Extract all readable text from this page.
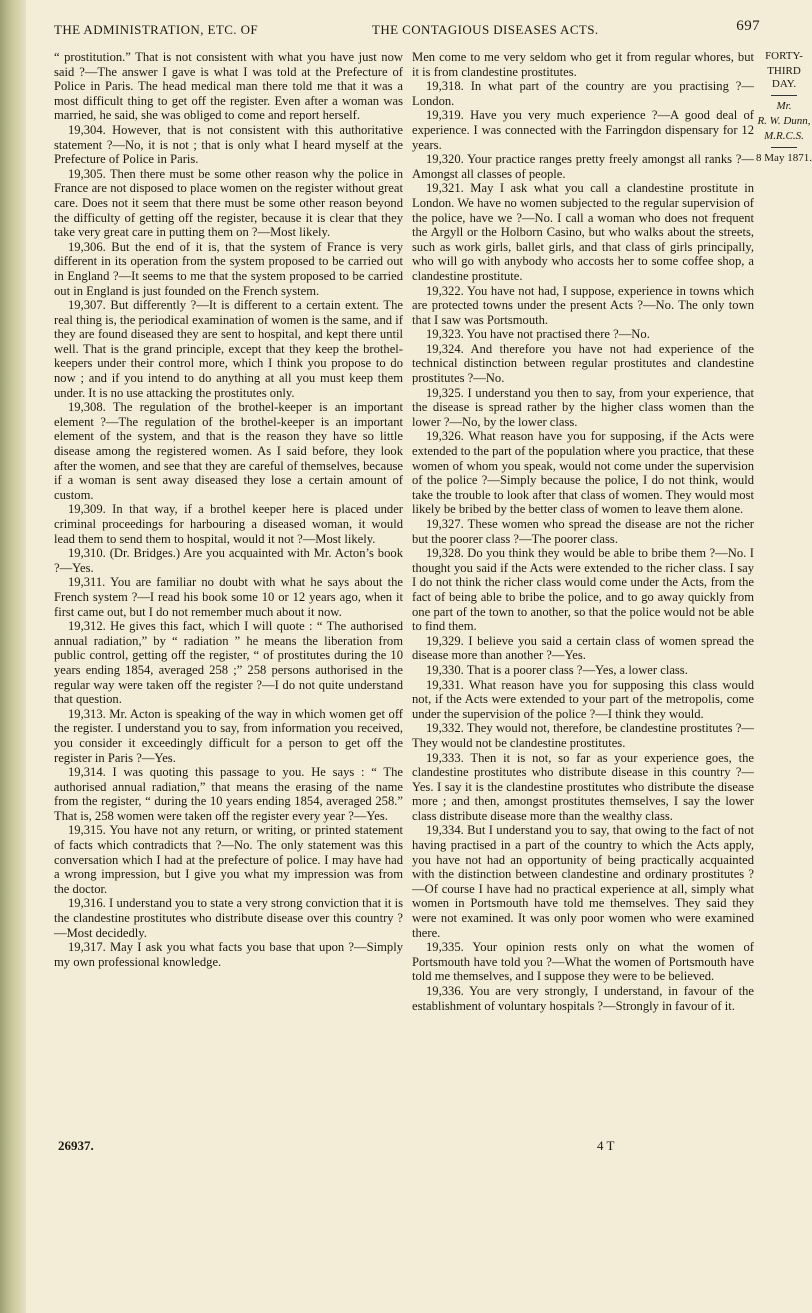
THE ADMINISTRATION, ETC. OF	THE CONTAGIOUS DISEASES ACTS.	697

“ prostitution.” That is not consistent with what you have just now said ?—The answer I gave is what I was told at the Prefecture of Police in Paris. The head medical man there told me that it was a most difficult thing to get off the register. Even after a woman was married, he said, she was obliged to come and report herself.

19,304. However, that is not consistent with this authoritative statement ?—No, it is not ; that is only what I heard myself at the Prefecture of Police in Paris.

19,305. Then there must be some other reason why the police in France are not disposed to place women on the register without great care. Does not it seem that there must be some other reason beyond the difficulty of getting off the register, because it is clear that they take very great care in putting them on ?—Most likely.

19,306. But the end of it is, that the system of France is very different in its operation from the system proposed to be carried out in England ?—It seems to me that the system proposed to be carried out in England is just founded on the French system.

19,307. But differently ?—It is different to a certain extent. The real thing is, the periodical examination of women is the same, and if they are found diseased they are sent to hospital, and kept there until well. That is the grand principle, except that they keep the brothel-keepers under their control more, which I think you propose to do now ; and if you intend to do anything at all you must keep them under. It is no use attacking the prostitutes only.

19,308. The regulation of the brothel-keeper is an important element ?—The regulation of the brothel-keeper is an important element of the system, and that is the reason they have so little disease among the registered women. As I said before, they look after the women, and see that they are careful of themselves, because if a woman is sent away diseased they lose a certain amount of custom.

19,309. In that way, if a brothel keeper here is placed under criminal proceedings for harbouring a diseased woman, it would lead them to send them to hospital, would it not ?—Most likely.

19,310. (Dr. Bridges.) Are you acquainted with Mr. Acton’s book ?—Yes.

19,311. You are familiar no doubt with what he says about the French system ?—I read his book some 10 or 12 years ago, when it first came out, but I do not remember much about it now.

19,312. He gives this fact, which I will quote : “ The authorised annual radiation,” by “ radiation ” he means the liberation from public control, getting off the register, “ of prostitutes during the 10 years ending 1854, averaged 258 ;” 258 persons authorised in the regular way were taken off the register ?—I do not quite understand that question.

19,313. Mr. Acton is speaking of the way in which women get off the register. I understand you to say, from information you received, you consider it exceedingly difficult for a person to get off the register in Paris ?—Yes.

19,314. I was quoting this passage to you. He says : “ The authorised annual radiation,” that means the erasing of the name from the register, “ during the 10 years ending 1854, averaged 258.” That is, 258 women were taken off the register every year ?—Yes.

19,315. You have not any return, or writing, or printed statement of facts which contradicts that ?—No. The only statement was this conversation which I had at the prefecture of police. I may have had a wrong impression, but I give you what my impression was from the doctor.

19,316. I understand you to state a very strong conviction that it is the clandestine prostitutes who distribute disease over this country ?—Most decidedly.

19,317. May I ask you what facts you base that upon ?—Simply my own professional knowledge.

Men come to me very seldom who get it from regular whores, but it is from clandestine prostitutes.

19,318. In what part of the country are you practising ?—London.

19,319. Have you very much experience ?—A good deal of experience. I was connected with the Farringdon dispensary for 12 years.

19,320. Your practice ranges pretty freely amongst all ranks ?—Amongst all classes of people.

19,321. May I ask what you call a clandestine prostitute in London. We have no women subjected to the regular supervision of the police, have we ?—No. I call a woman who does not frequent the Argyll or the Holborn Casino, but who walks about the streets, such as work girls, ballet girls, and that class of girls principally, who will go with anybody who accosts her to some coffee shop, a clandestine prostitute.

19,322. You have not had, I suppose, experience in towns which are protected towns under the present Acts ?—No. The only town that I saw was Portsmouth.

19,323. You have not practised there ?—No.

19,324. And therefore you have not had experience of the technical distinction between regular prostitutes and clandestine prostitutes ?—No.

19,325. I understand you then to say, from your experience, that the disease is spread rather by the higher class women than the lower ?—No, by the lower class.

19,326. What reason have you for supposing, if the Acts were extended to the part of the population where you practice, that these women of whom you speak, would not come under the supervision of the police ?—Simply because the police, I do not think, would take the trouble to look after that class of women. They would most likely be bribed by the better class of women to leave them alone.

19,327. These women who spread the disease are not the richer but the poorer class ?—The poorer class.

19,328. Do you think they would be able to bribe them ?—No. I thought you said if the Acts were extended to the richer class. I say I do not think the richer class would come under the Acts, from the fact of being able to bribe the police, and to go away quickly from one part of the town to another, so that the police would not be able to find them.

19,329. I believe you said a certain class of women spread the disease more than another ?—Yes.

19,330. That is a poorer class ?—Yes, a lower class.

19,331. What reason have you for supposing this class would not, if the Acts were extended to your part of the metropolis, come under the supervision of the police ?—I think they would.

19,332. They would not, therefore, be clandestine prostitutes ?—They would not be clandestine prostitutes.

19,333. Then it is not, so far as your experience goes, the clandestine prostitutes who distribute disease in this country ?—Yes. I say it is the clandestine prostitutes who distribute the disease more ; and then, amongst prostitutes themselves, I say the lower class distribute disease more than the wealthy class.

19,334. But I understand you to say, that owing to the fact of not having practised in a part of the country to which the Acts apply, you have not had an opportunity of being practically acquainted with the distinction between clandestine and ordinary prostitutes ?—Of course I have had no practical experience at all, simply what women in Portsmouth have told me themselves. They said they were not examined. It was only poor women who were examined there.

19,335. Your opinion rests only on what the women of Portsmouth have told you ?—What the women of Portsmouth have told me themselves, and I suppose they were to be believed.

19,336. You are very strongly, I understand, in favour of the establishment of voluntary hospitals ?—Strongly in favour of it.

FORTY-
THIRD DAY.
Mr.
R. W. Dunn,
M.R.C.S.
8 May 1871.
26937.	4 T
